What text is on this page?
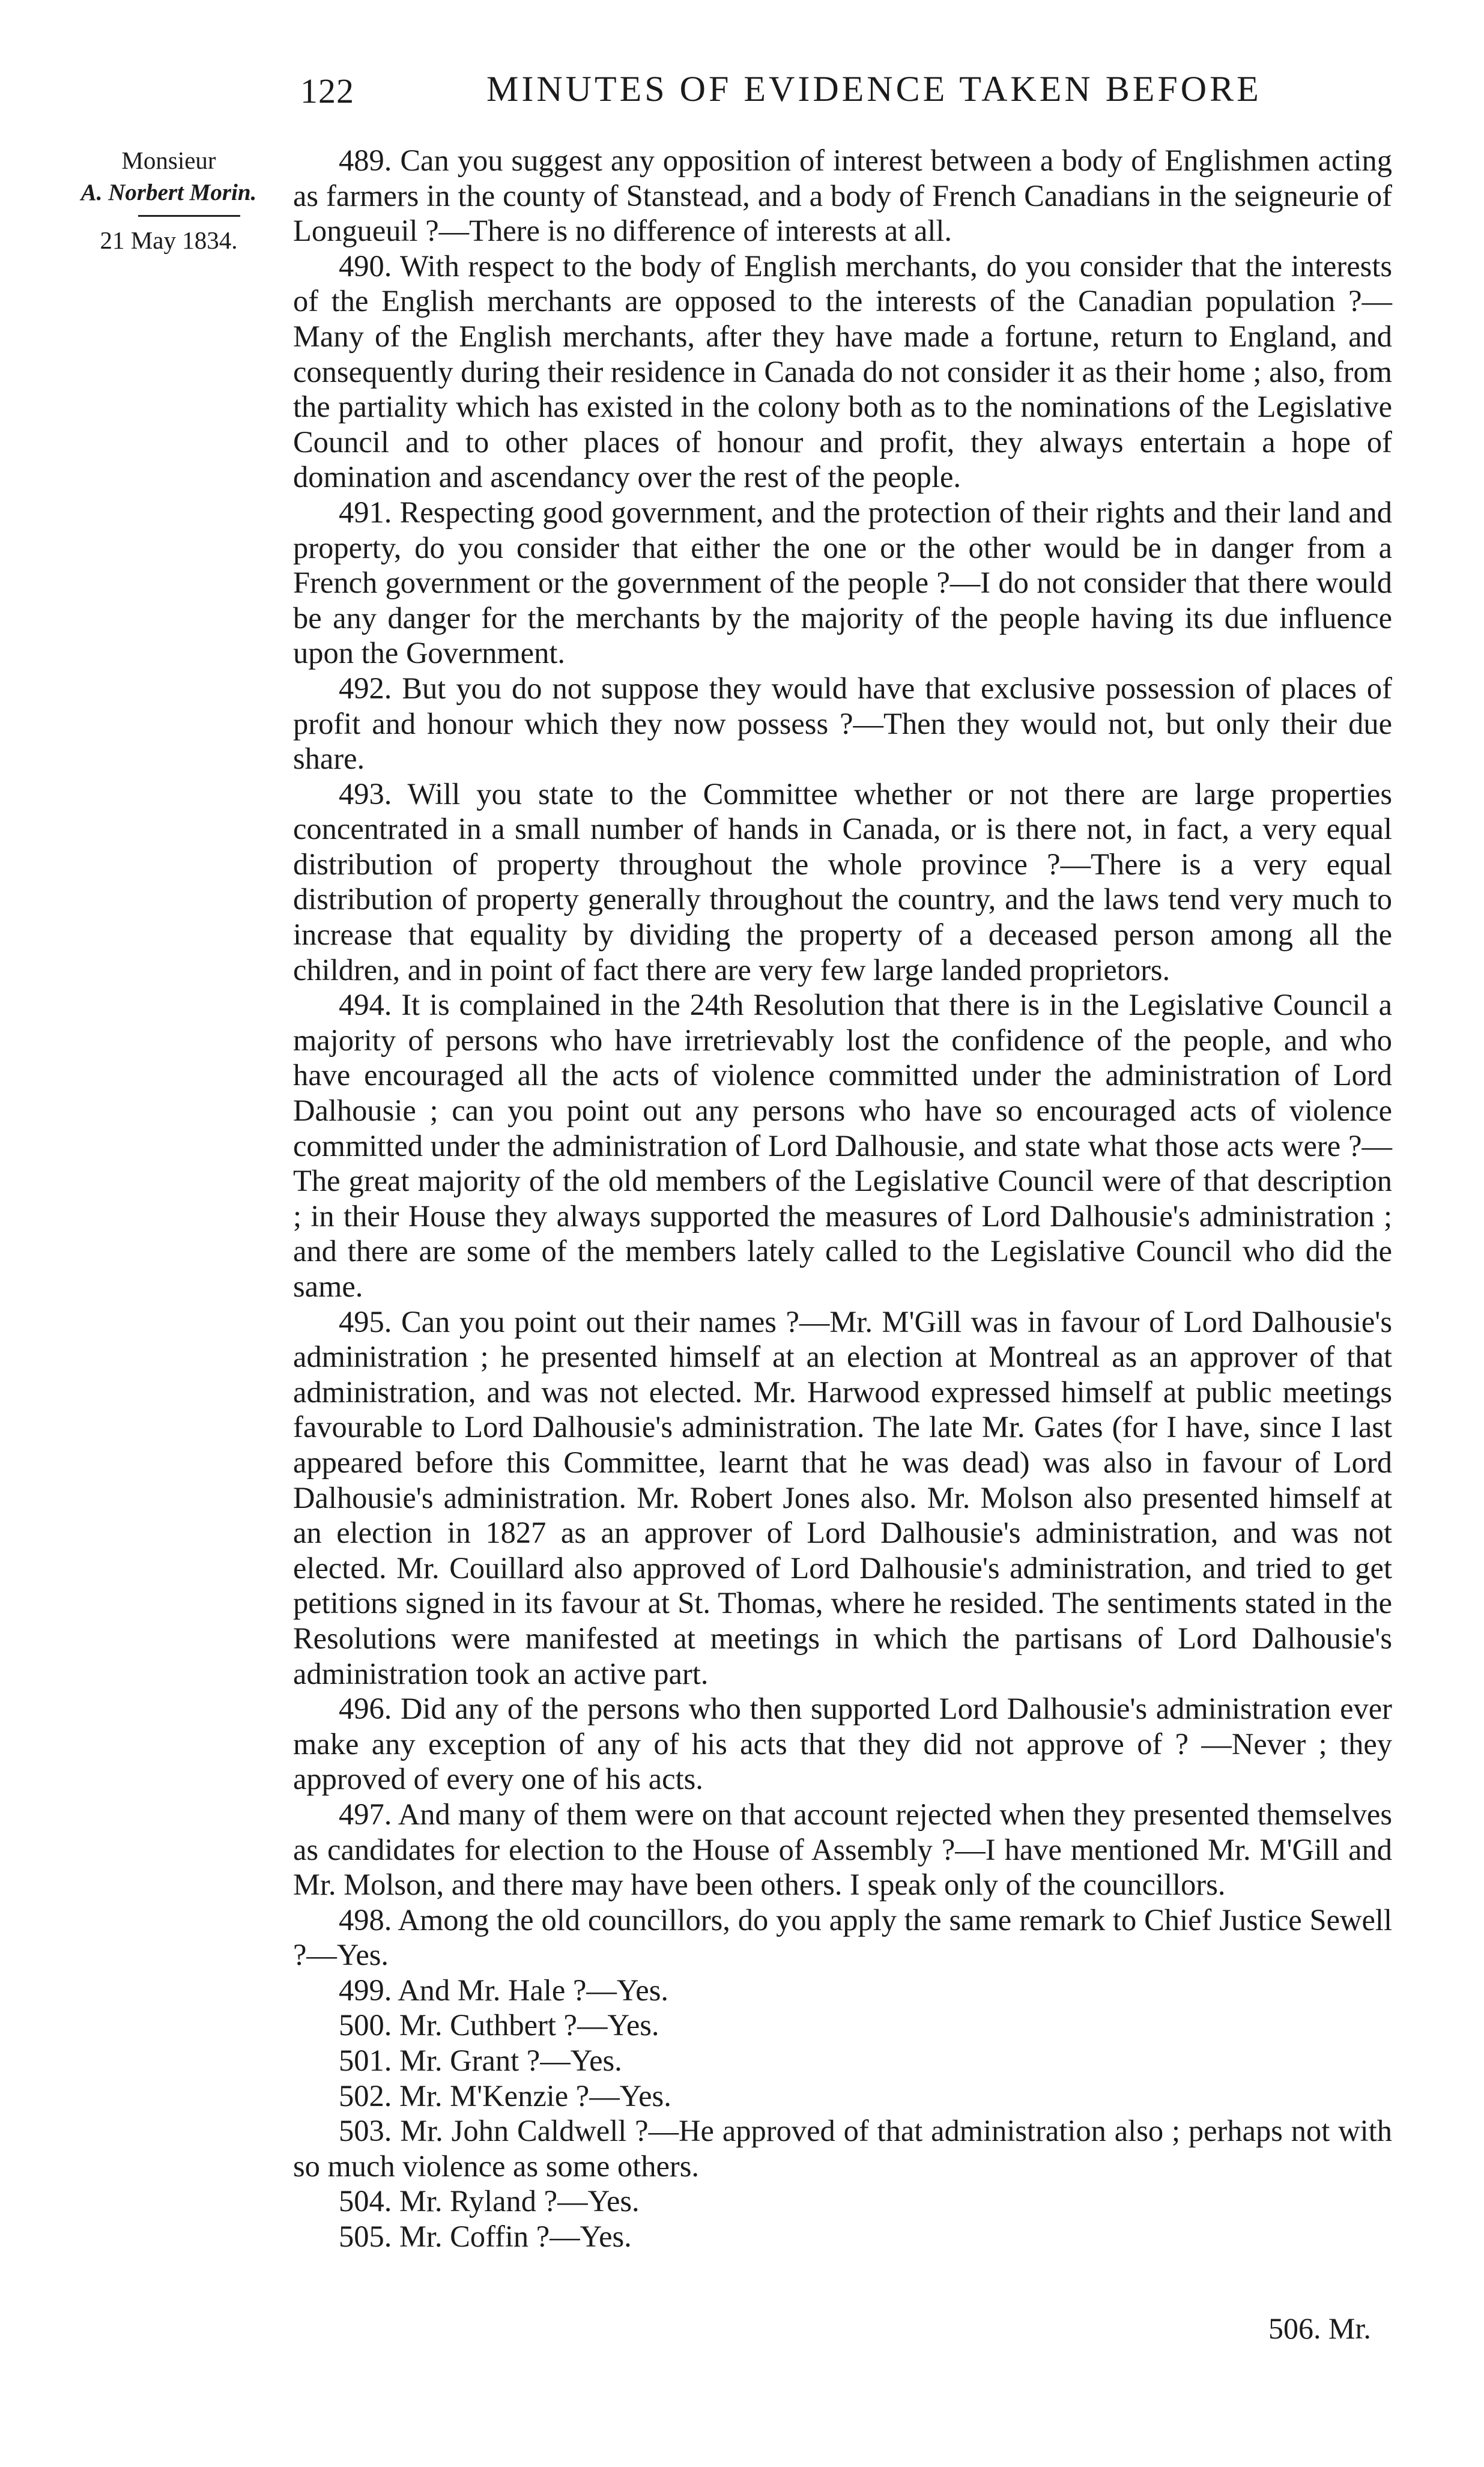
122	MINUTES OF EVIDENCE TAKEN BEFORE
Monsieur
A. Norbert Morin.
21 May 1834.

489. Can you suggest any opposition of interest between a body of Englishmen acting as farmers in the county of Stanstead, and a body of French Canadians in the seigneurie of Longueuil ?—There is no difference of interests at all.

490. With respect to the body of English merchants, do you consider that the interests of the English merchants are opposed to the interests of the Canadian population ?—Many of the English merchants, after they have made a fortune, return to England, and consequently during their residence in Canada do not consider it as their home ; also, from the partiality which has existed in the colony both as to the nominations of the Legislative Council and to other places of honour and profit, they always entertain a hope of domination and ascendancy over the rest of the people.

491. Respecting good government, and the protection of their rights and their land and property, do you consider that either the one or the other would be in danger from a French government or the government of the people ?—I do not consider that there would be any danger for the merchants by the majority of the people having its due influence upon the Government.

492. But you do not suppose they would have that exclusive possession of places of profit and honour which they now possess ?—Then they would not, but only their due share.

493. Will you state to the Committee whether or not there are large properties concentrated in a small number of hands in Canada, or is there not, in fact, a very equal distribution of property throughout the whole province ?—There is a very equal distribution of property generally throughout the country, and the laws tend very much to increase that equality by dividing the property of a deceased person among all the children, and in point of fact there are very few large landed proprietors.

494. It is complained in the 24th Resolution that there is in the Legislative Council a majority of persons who have irretrievably lost the confidence of the people, and who have encouraged all the acts of violence committed under the administration of Lord Dalhousie ; can you point out any persons who have so encouraged acts of violence committed under the administration of Lord Dalhousie, and state what those acts were ?—The great majority of the old members of the Legislative Council were of that description ; in their House they always supported the measures of Lord Dalhousie's administration ; and there are some of the members lately called to the Legislative Council who did the same.

495. Can you point out their names ?—Mr. M'Gill was in favour of Lord Dalhousie's administration ; he presented himself at an election at Montreal as an approver of that administration, and was not elected. Mr. Harwood expressed himself at public meetings favourable to Lord Dalhousie's administration. The late Mr. Gates (for I have, since I last appeared before this Committee, learnt that he was dead) was also in favour of Lord Dalhousie's administration. Mr. Robert Jones also. Mr. Molson also presented himself at an election in 1827 as an approver of Lord Dalhousie's administration, and was not elected. Mr. Couillard also approved of Lord Dalhousie's administration, and tried to get petitions signed in its favour at St. Thomas, where he resided. The sentiments stated in the Resolutions were manifested at meetings in which the partisans of Lord Dalhousie's administration took an active part.

496. Did any of the persons who then supported Lord Dalhousie's administration ever make any exception of any of his acts that they did not approve of ? —Never ; they approved of every one of his acts.

497. And many of them were on that account rejected when they presented themselves as candidates for election to the House of Assembly ?—I have mentioned Mr. M'Gill and Mr. Molson, and there may have been others. I speak only of the councillors.

498. Among the old councillors, do you apply the same remark to Chief Justice Sewell ?—Yes.

499. And Mr. Hale ?—Yes.

500. Mr. Cuthbert ?—Yes.

501. Mr. Grant ?—Yes.

502. Mr. M'Kenzie ?—Yes.

503. Mr. John Caldwell ?—He approved of that administration also ; perhaps not with so much violence as some others.

504. Mr. Ryland ?—Yes.

505. Mr. Coffin ?—Yes.

506. Mr.
